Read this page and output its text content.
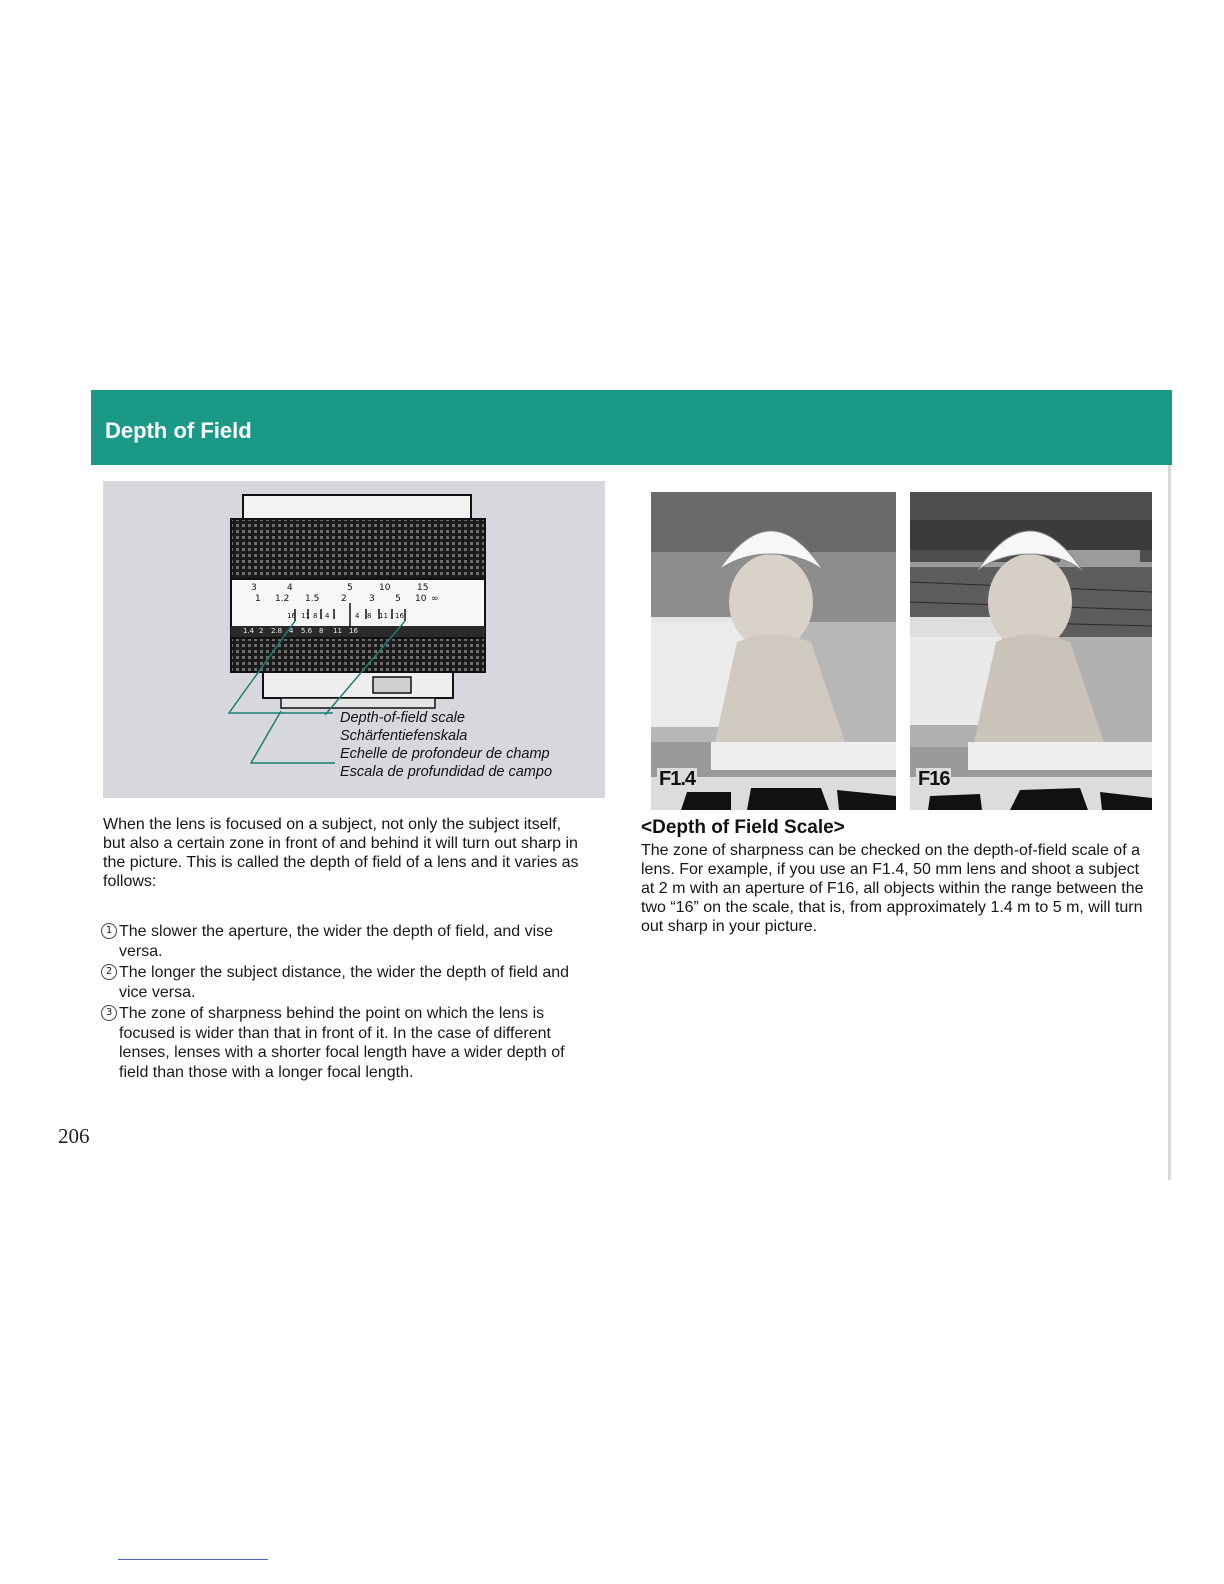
Depth of Field
3	4	5	10	15
1 1.2 1.5 2 3 5 10 ∞
16 11 8 4	4 8 11 16
1.4 2 2.8 4 5.6 8 11 16
Depth-of-field scale
Schärfentiefenskala
Echelle de profondeur de champ
Escala de profundidad de campo
When the lens is focused on a subject, not only the subject itself, but also a certain zone in front of and behind it will turn out sharp in the picture. This is called the depth of field of a lens and it varies as follows:
1 The slower the aperture, the wider the depth of field, and vise versa.
2 The longer the subject distance, the wider the depth of field and vice versa.
3 The zone of sharpness behind the point on which the lens is focused is wider than that in front of it. In the case of different lenses, lenses with a shorter focal length have a wider depth of field than those with a longer focal length.
206
F1.4	F16
<Depth of Field Scale>
The zone of sharpness can be checked on the depth-of-field scale of a lens. For example, if you use an F1.4, 50 mm lens and shoot a subject at 2 m with an aperture of F16, all objects within the range between the two “16” on the scale, that is, from approximately 1.4 m to 5 m, will turn out sharp in your picture.
